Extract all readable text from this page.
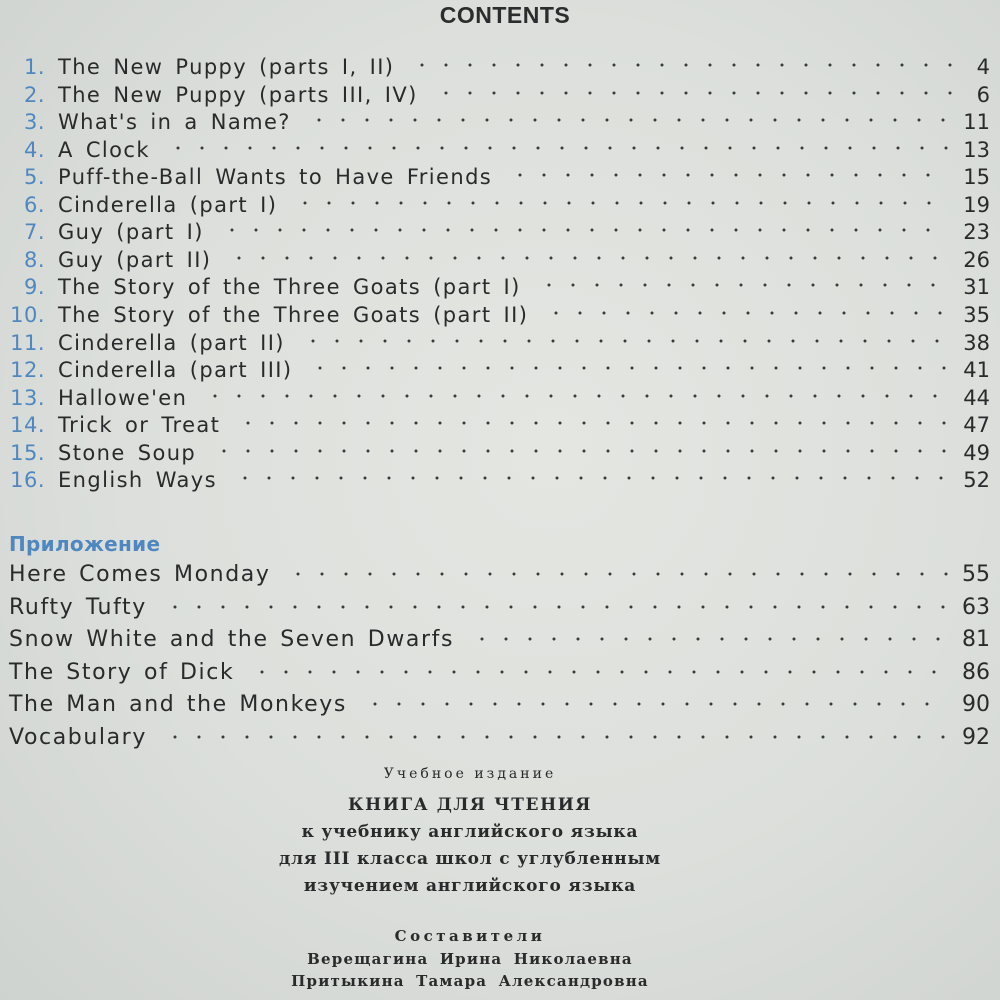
CONTENTS
1. The New Puppy (parts I, II)	4
2. The New Puppy (parts III, IV)	6
3. What's in a Name?	11
4. A Clock	13
5. Puff-the-Ball Wants to Have Friends	15
6. Cinderella (part I)	19
7. Guy (part I)	23
8. Guy (part II)	26
9. The Story of the Three Goats (part I)	31
10. The Story of the Three Goats (part II)	35
11. Cinderella (part II)	38
12. Cinderella (part III)	41
13. Hallowe'en	44
14. Trick or Treat	47
15. Stone Soup	49
16. English Ways	52
Приложение
Here Comes Monday	55
Rufty Tufty	63
Snow White and the Seven Dwarfs	81
The Story of Dick	86
The Man and the Monkeys	90
Vocabulary	92
Учебное издание
КНИГА ДЛЯ ЧТЕНИЯ
к учебнику английского языка
для III класса школ с углубленным
изучением английского языка
Составители
Верещагина Ирина Николаевна
Притыкина Тамара Александровна
